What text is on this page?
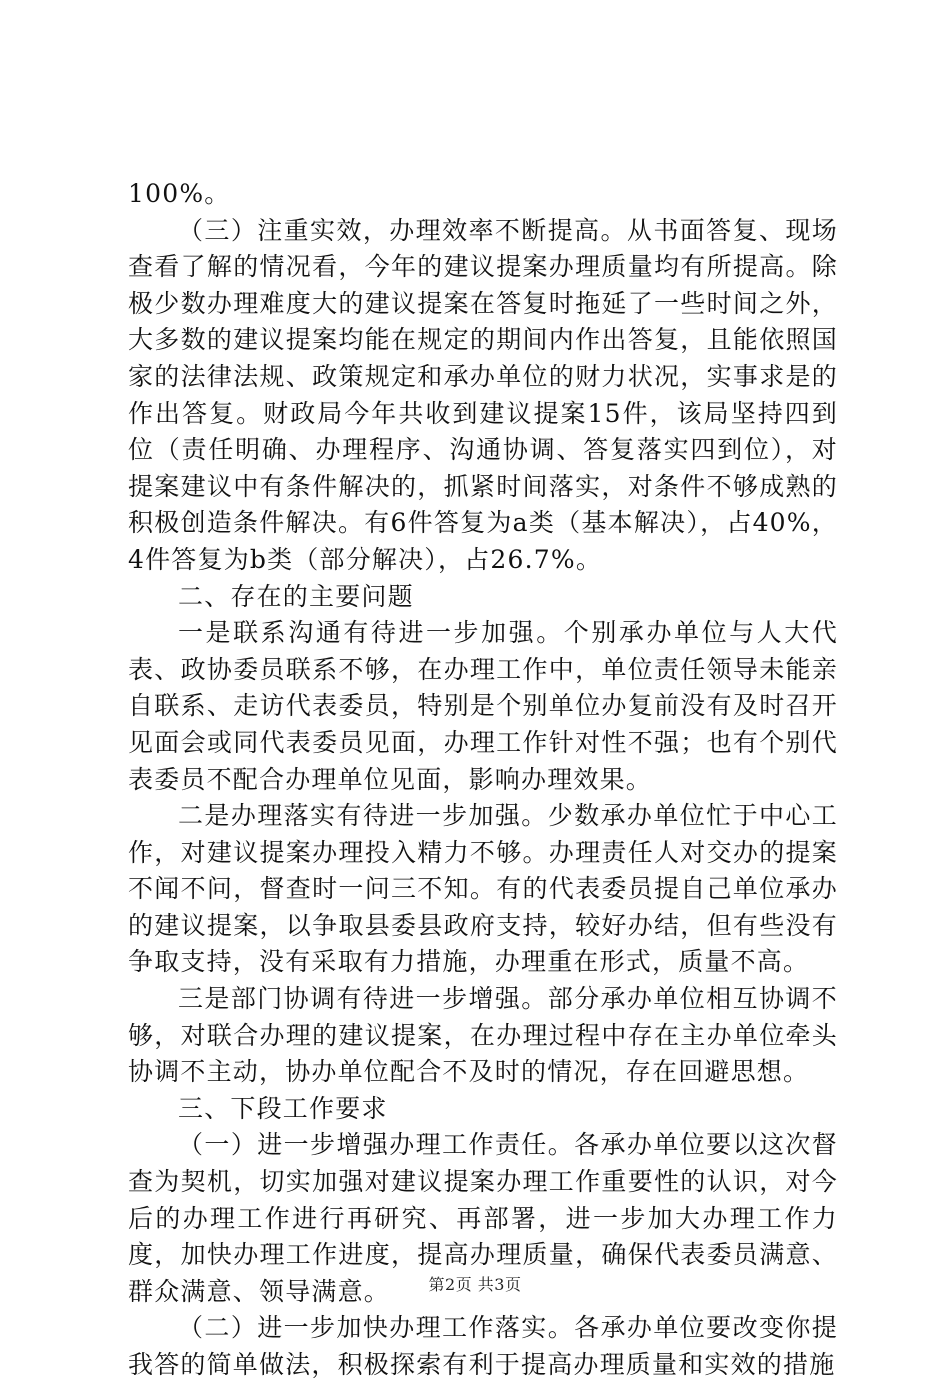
100%。

（三）注重实效，办理效率不断提高。从书面答复、现场查看了解的情况看，今年的建议提案办理质量均有所提高。除极少数办理难度大的建议提案在答复时拖延了一些时间之外，大多数的建议提案均能在规定的期间内作出答复，且能依照国家的法律法规、政策规定和承办单位的财力状况，实事求是的作出答复。财政局今年共收到建议提案15件，该局坚持四到位（责任明确、办理程序、沟通协调、答复落实四到位），对提案建议中有条件解决的，抓紧时间落实，对条件不够成熟的积极创造条件解决。有6件答复为a类（基本解决），占40%，4件答复为b类（部分解决），占26.7%。

二、存在的主要问题

一是联系沟通有待进一步加强。个别承办单位与人大代表、政协委员联系不够，在办理工作中，单位责任领导未能亲自联系、走访代表委员，特别是个别单位办复前没有及时召开见面会或同代表委员见面，办理工作针对性不强；也有个别代表委员不配合办理单位见面，影响办理效果。

二是办理落实有待进一步加强。少数承办单位忙于中心工作，对建议提案办理投入精力不够。办理责任人对交办的提案不闻不问，督查时一问三不知。有的代表委员提自己单位承办的建议提案，以争取县委县政府支持，较好办结，但有些没有争取支持，没有采取有力措施，办理重在形式，质量不高。

三是部门协调有待进一步增强。部分承办单位相互协调不够，对联合办理的建议提案，在办理过程中存在主办单位牵头协调不主动，协办单位配合不及时的情况，存在回避思想。

三、下段工作要求

（一）进一步增强办理工作责任。各承办单位要以这次督查为契机，切实加强对建议提案办理工作重要性的认识，对今后的办理工作进行再研究、再部署，进一步加大办理工作力度，加快办理工作进度，提高办理质量，确保代表委员满意、群众满意、领导满意。

（二）进一步加快办理工作落实。各承办单位要改变你提我答的简单做法，积极探索有利于提高办理质量和实效的措施

第2页 共3页
